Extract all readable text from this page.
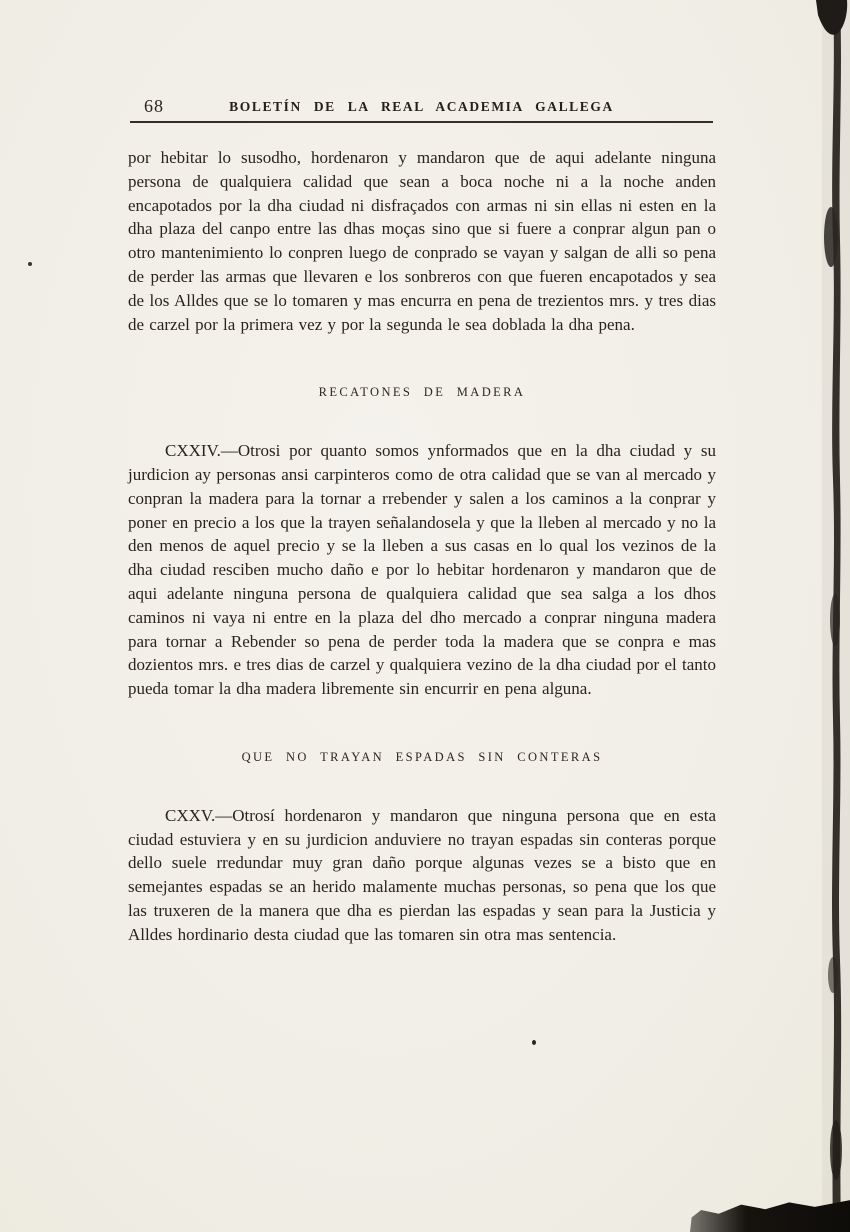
68	BOLETÍN DE LA REAL ACADEMIA GALLEGA

por hebitar lo susodho, hordenaron y mandaron que de aqui adelante ninguna persona de qualquiera calidad que sean a boca noche ni a la noche anden encapotados por la dha ciudad ni disfraçados con armas ni sin ellas ni esten en la dha plaza del canpo entre las dhas moças sino que si fuere a conprar algun pan o otro mantenimiento lo conpren luego de conprado se vayan y salgan de alli so pena de perder las armas que llevaren e los sonbreros con que fueren encapotados y sea de los Alldes que se lo tomaren y mas encurra en pena de trezientos mrs. y tres dias de carzel por la primera vez y por la segunda le sea doblada la dha pena.

RECATONES DE MADERA

CXXIV.—Otrosi por quanto somos ynformados que en la dha ciudad y su jurdicion ay personas ansi carpinteros como de otra calidad que se van al mercado y conpran la madera para la tornar a rrebender y salen a los caminos a la conprar y poner en precio a los que la trayen señalandosela y que la lleben al mercado y no la den menos de aquel precio y se la lleben a sus casas en lo qual los vezinos de la dha ciudad resciben mucho daño e por lo hebitar hordenaron y mandaron que de aqui adelante ninguna persona de qualquiera calidad que sea salga a los dhos caminos ni vaya ni entre en la plaza del dho mercado a conprar ninguna madera para tornar a Rebender so pena de perder toda la madera que se conpra e mas dozientos mrs. e tres dias de carzel y qualquiera vezino de la dha ciudad por el tanto pueda tomar la dha madera libremente sin encurrir en pena alguna.

QUE NO TRAYAN ESPADAS SIN CONTERAS

CXXV.—Otrosí hordenaron y mandaron que ninguna persona que en esta ciudad estuviera y en su jurdicion anduviere no trayan espadas sin conteras porque dello suele rredundar muy gran daño porque algunas vezes se a bisto que en semejantes espadas se an herido malamente muchas personas, so pena que los que las truxeren de la manera que dha es pierdan las espadas y sean para la Justicia y Alldes hordinario desta ciudad que las tomaren sin otra mas sentencia.
